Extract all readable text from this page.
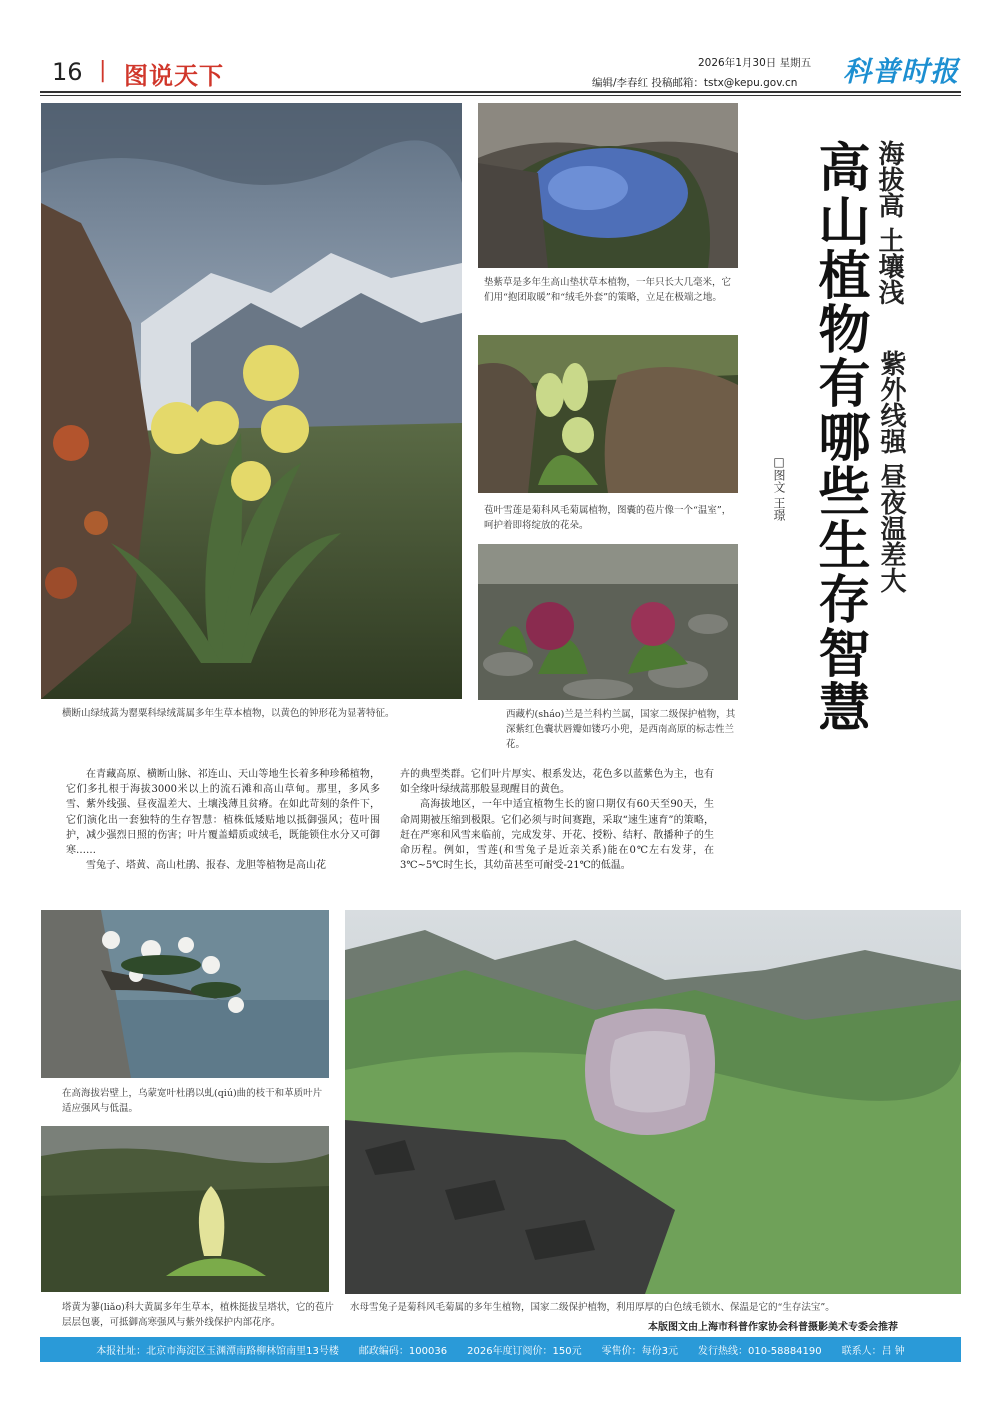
16 | 图说天下	2026年1月30日 星期五
编辑/李春红 投稿邮箱：tstx@kepu.gov.cn 科普时报
垫紫草是多年生高山垫状草本植物，一年只长大几毫米，它们用“抱团取暖”和“绒毛外套”的策略，立足在极端之地。
苞叶雪莲是菊科风毛菊属植物，图囊的苞片像一个“温室”，呵护着即将绽放的花朵。
西藏杓(sháo)兰是兰科杓兰属，国家二级保护植物，其深紫红色囊状唇瓣如镂巧小兜，是西南高原的标志性兰花。
横断山绿绒蒿为罂粟科绿绒蒿属多年生草本植物，以黄色的钟形花为显著特征。	高山植物有哪些生存智慧 海拔高 土壤浅
紫外线强 昼夜温差大
□图文 王璟

在青藏高原、横断山脉、祁连山、天山等地生长着多种珍稀植物，它们多扎根于海拔3000米以上的流石滩和高山草甸。那里，多风多雪、紫外线强、昼夜温差大、土壤浅薄且贫瘠。在如此苛刻的条件下，它们演化出一套独特的生存智慧：植株低矮贴地以抵御强风；苞叶围护，减少强烈日照的伤害；叶片覆盖蜡质或绒毛，既能锁住水分又可御寒……

雪兔子、塔黄、高山杜鹃、报春、龙胆等植物是高山花

卉的典型类群。它们叶片厚实、根系发达，花色多以蓝紫色为主，也有如全缘叶绿绒蒿那般显现醒目的黄色。

高海拔地区，一年中适宜植物生长的窗口期仅有60天至90天，生命周期被压缩到极限。它们必须与时间赛跑，采取“速生速育”的策略，赶在严寒和风雪来临前，完成发芽、开花、授粉、结籽、散播种子的生命历程。例如，雪莲(和雪兔子是近亲关系)能在0℃左右发芽，在3℃~5℃时生长，其幼苗甚至可耐受-21℃的低温。

在高海拔岩壁上，乌蒙宽叶杜鹃以虬(qiú)曲的枝干和革质叶片适应强风与低温。
塔黄为蓼(liǎo)科大黄属多年生草本，植株挺拔呈塔状，它的苞片层层包裹，可抵御高寒强风与紫外线保护内部花序。
水母雪兔子是菊科风毛菊属的多年生植物，国家二级保护植物，利用厚厚的白色绒毛锁水、保温是它的“生存法宝”。
本版图文由上海市科普作家协会科普摄影美术专委会推荐
本报社址：北京市海淀区玉渊潭南路柳林馆南里13号楼 邮政编码：100036 2026年度订阅价：150元 零售价：每份3元 发行热线：010-58884190 联系人：吕 钟
